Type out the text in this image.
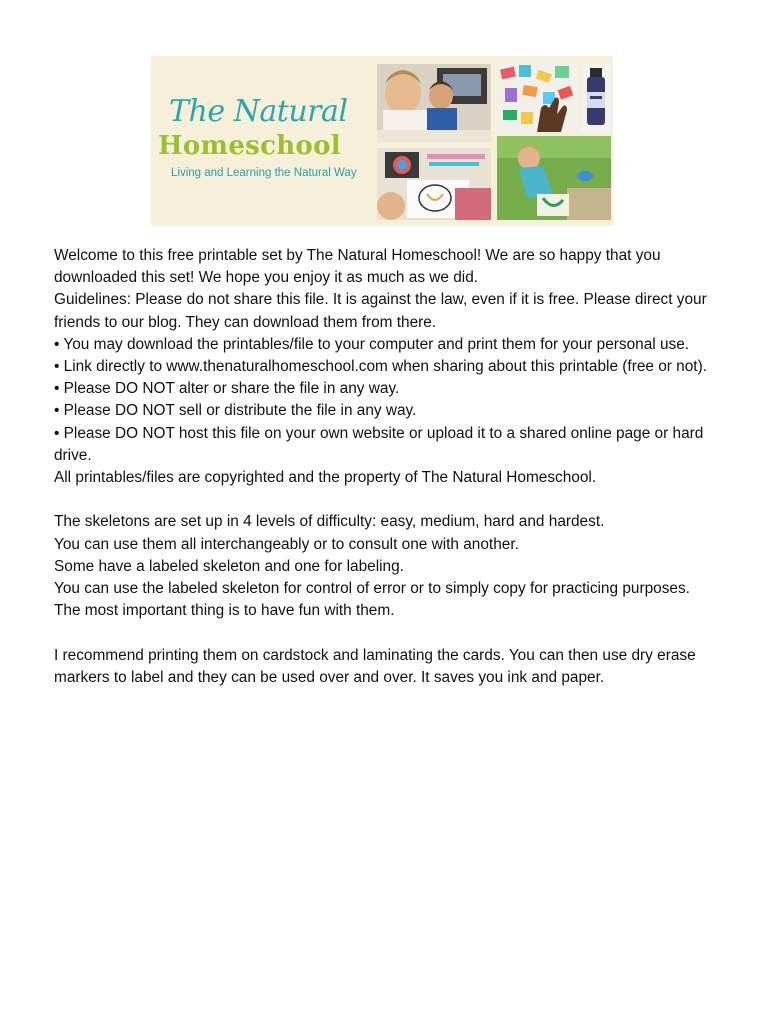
The Natural
Homeschool
Living and Learning the Natural Way

Welcome to this free printable set by The Natural Homeschool! We are so happy that you downloaded this set! We hope you enjoy it as much as we did.

Guidelines: Please do not share this file. It is against the law, even if it is free. Please direct your friends to our blog. They can download them from there.

• You may download the printables/file to your computer and print them for your personal use.

• Link directly to www.thenaturalhomeschool.com when sharing about this printable (free or not).

• Please DO NOT alter or share the file in any way.

• Please DO NOT sell or distribute the file in any way.

• Please DO NOT host this file on your own website or upload it to a shared online page or hard drive.

All printables/files are copyrighted and the property of The Natural Homeschool.

The skeletons are set up in 4 levels of difficulty: easy, medium, hard and hardest.

You can use them all interchangeably or to consult one with another.

Some have a labeled skeleton and one for labeling.

You can use the labeled skeleton for control of error or to simply copy for practicing purposes.

The most important thing is to have fun with them.

I recommend printing them on cardstock and laminating the cards. You can then use dry erase markers to label and they can be used over and over. It saves you ink and paper.
